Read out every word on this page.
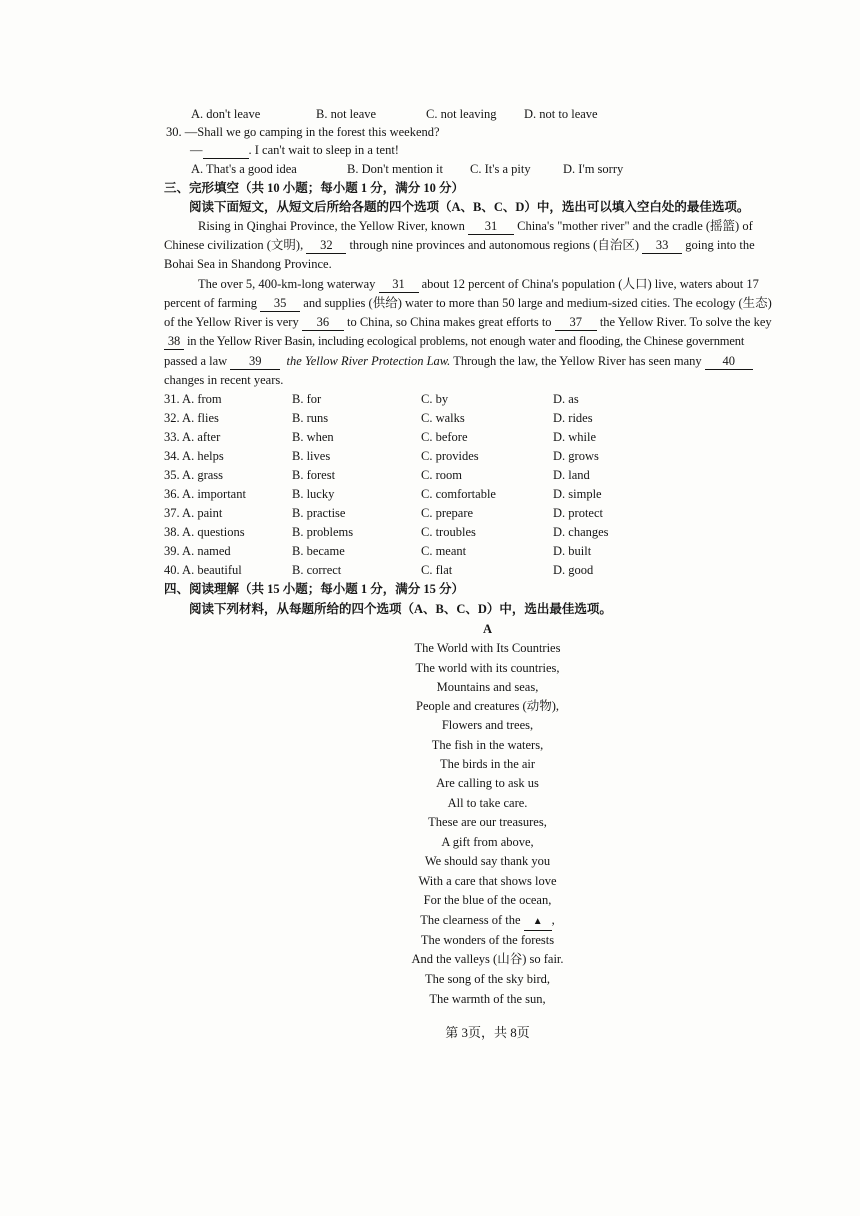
A. don't leave	B. not leave	C. not leaving D. not to leave
30. —Shall we go camping in the forest this weekend?
—	. I can't wait to sleep in a tent!
A. That's a good idea	B. Don't mention it C. It's a pity	D. I'm sorry
三、完形填空（共 10 小题；每小题 1 分，满分 10 分）
阅读下面短文，从短文后所给各题的四个选项（A、B、C、D）中，选出可以填入空白处的最佳选项。
Rising in Qinghai Province, the Yellow River, known 31 China's "mother river" and the cradle (摇篮) of
Chinese civilization (文明), 32 through nine provinces and autonomous regions (自治区) 33 going into the
Bohai Sea in Shandong Province.
The over 5, 400-km-long waterway 31 about 12 percent of China's population (人口) live, waters about 17
percent of farming 35 and supplies (供给) water to more than 50 large and medium-sized cities. The ecology (生态)
of the Yellow River is very 36 to China, so China makes great efforts to 37 the Yellow River. To solve the key
38 in the Yellow River Basin, including ecological problems, not enough water and flooding, the Chinese government
passed a law 39 the Yellow River Protection Law. Through the law, the Yellow River has seen many 40
changes in recent years.
31. A. from	B. for	C. by	D. as
32. A. flies	B. runs	C. walks	D. rides
33. A. after	B. when	C. before	D. while
34. A. helps	B. lives	C. provides	D. grows
35. A. grass	B. forest	C. room	D. land
36. A. important	B. lucky	C. comfortable	D. simple
37. A. paint	B. practise	C. prepare	D. protect
38. A. questions	B. problems	C. troubles	D. changes
39. A. named	B. became	C. meant	D. built
40. A. beautiful	B. correct	C. flat	D. good
四、阅读理解（共 15 小题；每小题 1 分，满分 15 分）
阅读下列材料，从每题所给的四个选项（A、B、C、D）中，选出最佳选项。
A
The World with Its Countries
The world with its countries,
Mountains and seas,
People and creatures (动物),
Flowers and trees,
The fish in the waters,
The birds in the air
Are calling to ask us
All to take care.
These are our treasures,
A gift from above,
We should say thank you
With a care that shows love
For the blue of the ocean,
The clearness of the ▲ ,
The wonders of the forests
And the valleys (山谷) so fair.
The song of the sky bird,
The warmth of the sun,
第 3页，共 8页
